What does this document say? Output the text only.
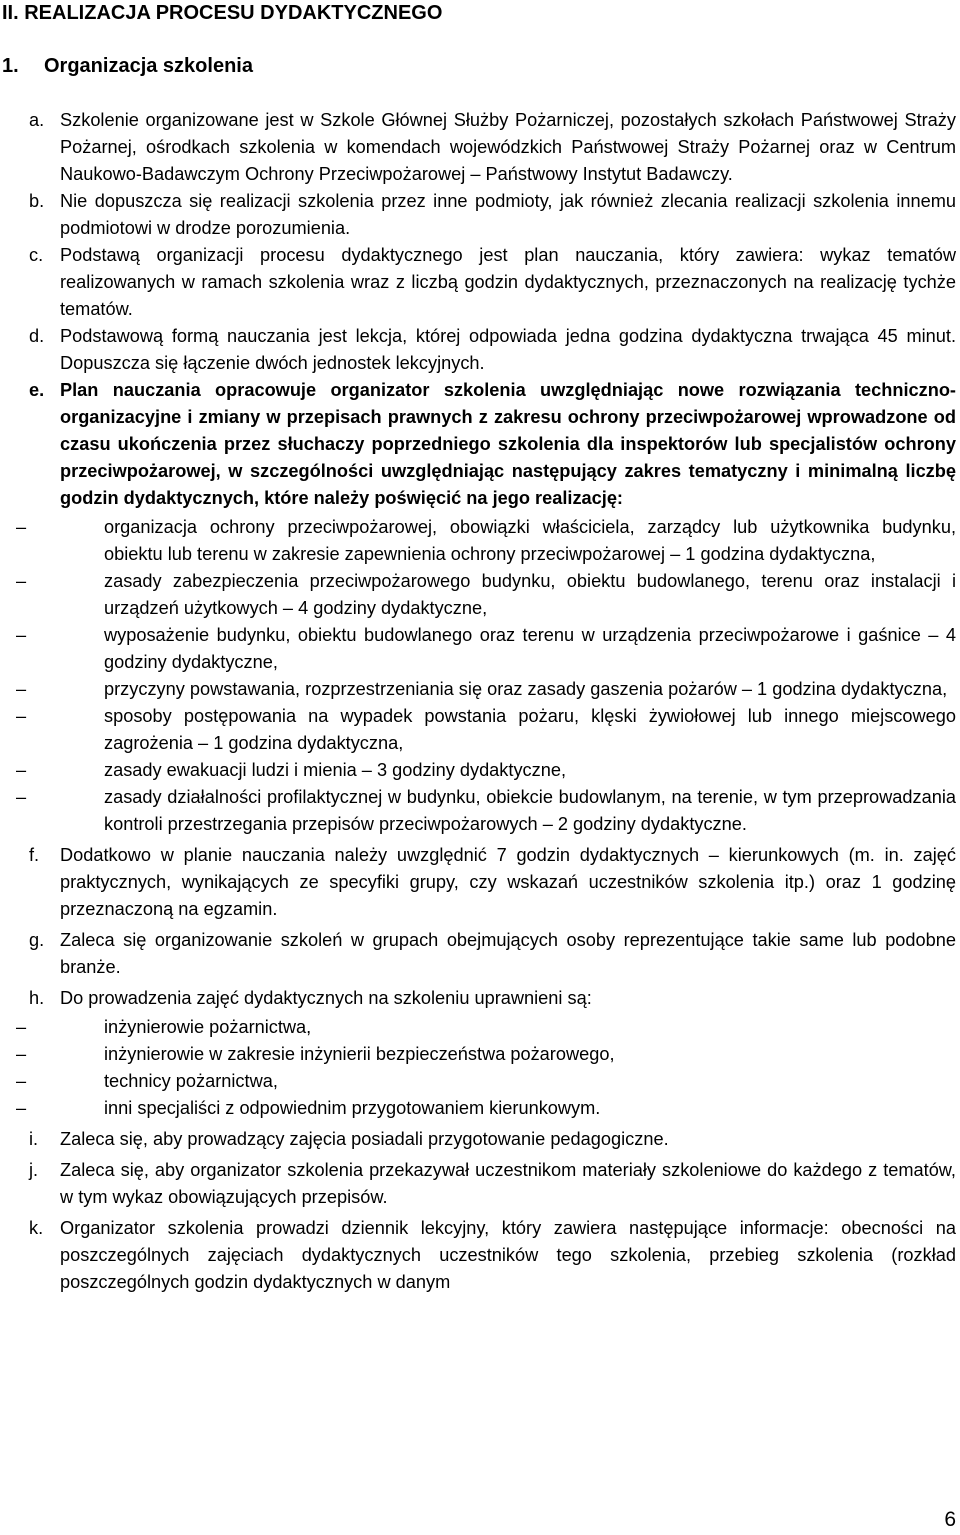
II. REALIZACJA PROCESU DYDAKTYCZNEGO
1. Organizacja szkolenia
a. Szkolenie organizowane jest w Szkole Głównej Służby Pożarniczej, pozostałych szkołach Państwowej Straży Pożarnej, ośrodkach szkolenia w komendach wojewódzkich Państwowej Straży Pożarnej oraz w Centrum Naukowo-Badawczym Ochrony Przeciwpożarowej – Państwowy Instytut Badawczy.
b. Nie dopuszcza się realizacji szkolenia przez inne podmioty, jak również zlecania realizacji szkolenia innemu podmiotowi w drodze porozumienia.
c. Podstawą organizacji procesu dydaktycznego jest plan nauczania, który zawiera: wykaz tematów realizowanych w ramach szkolenia wraz z liczbą godzin dydaktycznych, przeznaczonych na realizację tychże tematów.
d. Podstawową formą nauczania jest lekcja, której odpowiada jedna godzina dydaktyczna trwająca 45 minut. Dopuszcza się łączenie dwóch jednostek lekcyjnych.
e. Plan nauczania opracowuje organizator szkolenia uwzględniając nowe rozwiązania techniczno-organizacyjne i zmiany w przepisach prawnych z zakresu ochrony przeciwpożarowej wprowadzone od czasu ukończenia przez słuchaczy poprzedniego szkolenia dla inspektorów lub specjalistów ochrony przeciwpożarowej, w szczególności uwzględniając następujący zakres tematyczny i minimalną liczbę godzin dydaktycznych, które należy poświęcić na jego realizację:
–	organizacja ochrony przeciwpożarowej, obowiązki właściciela, zarządcy lub użytkownika budynku, obiektu lub terenu w zakresie zapewnienia ochrony przeciwpożarowej – 1 godzina dydaktyczna,
–	zasady zabezpieczenia przeciwpożarowego budynku, obiektu budowlanego, terenu oraz instalacji i urządzeń użytkowych – 4 godziny dydaktyczne,
–	wyposażenie budynku, obiektu budowlanego oraz terenu w urządzenia przeciwpożarowe i gaśnice – 4 godziny dydaktyczne,
–	przyczyny powstawania, rozprzestrzeniania się oraz zasady gaszenia pożarów – 1 godzina dydaktyczna,
–	sposoby postępowania na wypadek powstania pożaru, klęski żywiołowej lub innego miejscowego zagrożenia – 1 godzina dydaktyczna,
–	zasady ewakuacji ludzi i mienia – 3 godziny dydaktyczne,
–	zasady działalności profilaktycznej w budynku, obiekcie budowlanym, na terenie, w tym przeprowadzania kontroli przestrzegania przepisów przeciwpożarowych – 2 godziny dydaktyczne.
f. Dodatkowo w planie nauczania należy uwzględnić 7 godzin dydaktycznych – kierunkowych (m. in. zajęć praktycznych, wynikających ze specyfiki grupy, czy wskazań uczestników szkolenia itp.) oraz 1 godzinę przeznaczoną na egzamin.
g. Zaleca się organizowanie szkoleń w grupach obejmujących osoby reprezentujące takie same lub podobne branże.
h. Do prowadzenia zajęć dydaktycznych na szkoleniu uprawnieni są:
–	inżynierowie pożarnictwa,
–	inżynierowie w zakresie inżynierii bezpieczeństwa pożarowego,
–	technicy pożarnictwa,
–	inni specjaliści z odpowiednim przygotowaniem kierunkowym.
i. Zaleca się, aby prowadzący zajęcia posiadali przygotowanie pedagogiczne.
j. Zaleca się, aby organizator szkolenia przekazywał uczestnikom materiały szkoleniowe do każdego z tematów, w tym wykaz obowiązujących przepisów.
k. Organizator szkolenia prowadzi dziennik lekcyjny, który zawiera następujące informacje: obecności na poszczególnych zajęciach dydaktycznych uczestników tego szkolenia, przebieg szkolenia (rozkład poszczególnych godzin dydaktycznych w danym
6
